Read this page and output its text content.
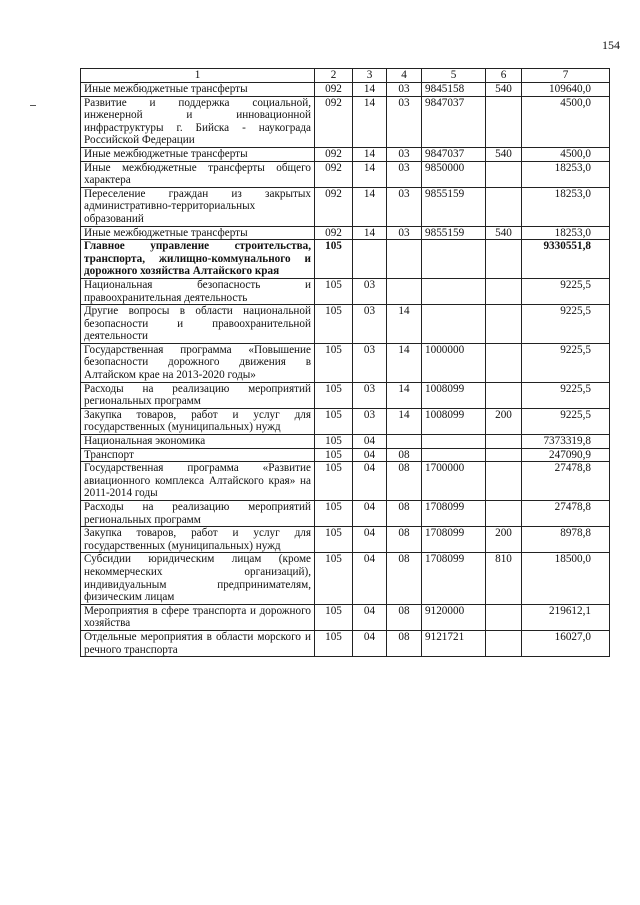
154
1	2	3	4	5	6	7
Иные межбюджетные трансферты	092	14	03	9845158	540	109640,0
Развитие и поддержка социальной, инженерной и инновационной инфраструктуры г. Бийска - наукограда Российской Федерации	092	14	03	9847037		4500,0
Иные межбюджетные трансферты	092	14	03	9847037	540	4500,0
Иные межбюджетные трансферты общего характера	092	14	03	9850000		18253,0
Переселение граждан из закрытых административно-территориальных образований	092	14	03	9855159		18253,0
Иные межбюджетные трансферты	092	14	03	9855159	540	18253,0
Главное управление строительства, транспорта, жилищно-коммунального и дорожного хозяйства Алтайского края	105					9330551,8
Национальная безопасность и правоохранительная деятельность	105	03				9225,5
Другие вопросы в области национальной безопасности и правоохранительной деятельности	105	03	14			9225,5
Государственная программа «Повышение безопасности дорожного движения в Алтайском крае на 2013-2020 годы»	105	03	14	1000000		9225,5
Расходы на реализацию мероприятий региональных программ	105	03	14	1008099		9225,5
Закупка товаров, работ и услуг для государственных (муниципальных) нужд	105	03	14	1008099	200	9225,5
Национальная экономика	105	04				7373319,8
Транспорт	105	04	08			247090,9
Государственная программа «Развитие авиационного комплекса Алтайского края» на 2011-2014 годы	105	04	08	1700000		27478,8
Расходы на реализацию мероприятий региональных программ	105	04	08	1708099		27478,8
Закупка товаров, работ и услуг для государственных (муниципальных) нужд	105	04	08	1708099	200	8978,8
Субсидии юридическим лицам (кроме некоммерческих организаций), индивидуальным предпринимателям, физическим лицам	105	04	08	1708099	810	18500,0
Мероприятия в сфере транспорта и дорожного хозяйства	105	04	08	9120000		219612,1
Отдельные мероприятия в области морского и речного транспорта	105	04	08	9121721		16027,0
